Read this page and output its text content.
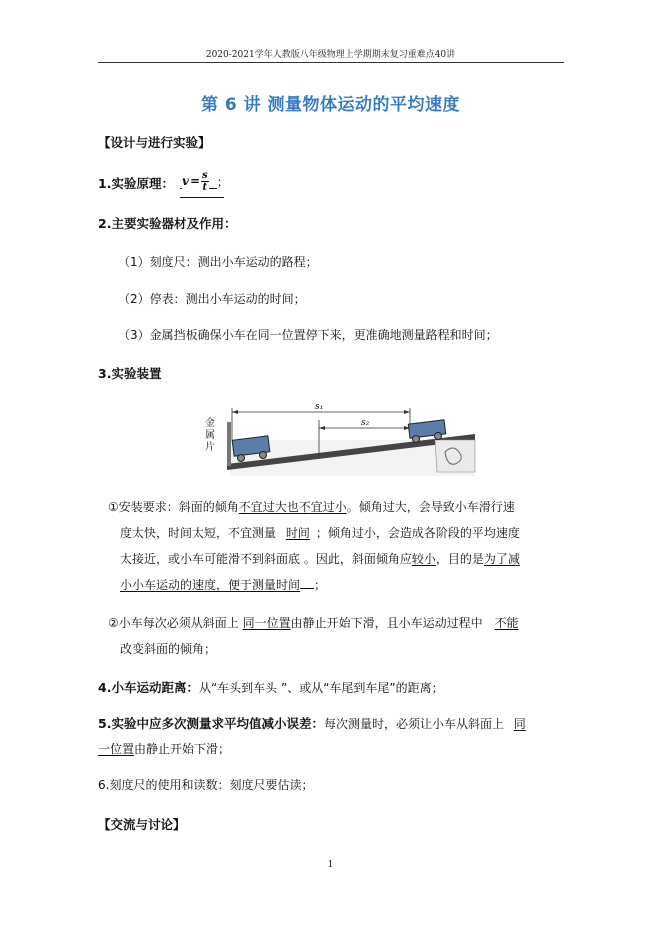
2020-2021学年人教版八年级物理上学期期末复习重难点40讲
第 6 讲 测量物体运动的平均速度
【设计与进行实验】
1.实验原理： $v = \frac{s}{t}$ ；
2.主要实验器材及作用：
（1）刻度尺：测出小车运动的路程；
（2）停表：测出小车运动的时间；
（3）金属挡板确保小车在同一位置停下来，更准确地测量路程和时间；
3.实验装置
金属片
s₁
s₂
①安装要求：斜面的倾角不宜过大也不宜过小。倾角过大，会导致小车滑行速
度太快，时间太短，不宜测量 时间 ；倾角过小，会造成各阶段的平均速度
太接近，或小车可能滑不到斜面底 。因此，斜面倾角应较小，目的是为了减
小小车运动的速度，便于测量时间 ；
②小车每次必须从斜面上 同一位置由静止开始下滑，且小车运动过程中 不能
改变斜面的倾角；
4.小车运动距离：从“车头到车头 ”、或从“车尾到车尾”的距离；
5.实验中应多次测量求平均值减小误差：每次测量时，必须让小车从斜面上 同
一位置由静止开始下滑；
6.刻度尺的使用和读数：刻度尺要估读；
【交流与讨论】
1
